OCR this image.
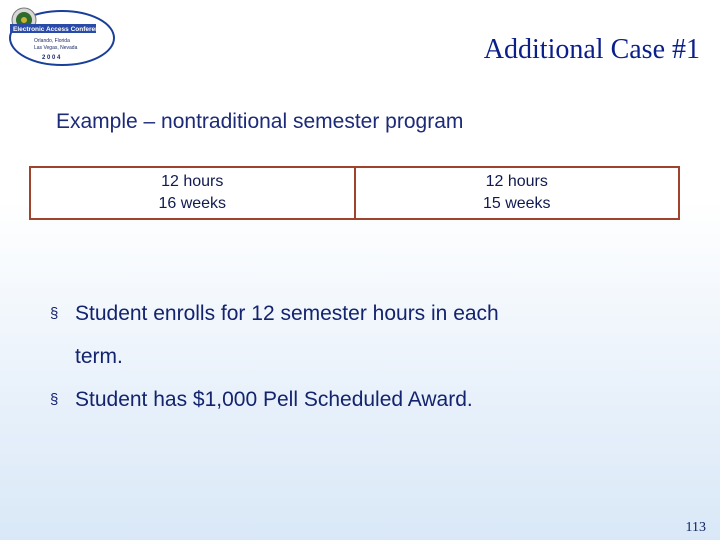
Electronic Access Conference
Orlando, Florida
Las Vegas, Nevada
2 0 0 4	Additional Case #1
Example – nontraditional semester program
12 hours
16 weeks
12 hours
15 weeks
§ Student enrolls for 12 semester hours in each
term.
§ Student has $1,000 Pell Scheduled Award.
113
